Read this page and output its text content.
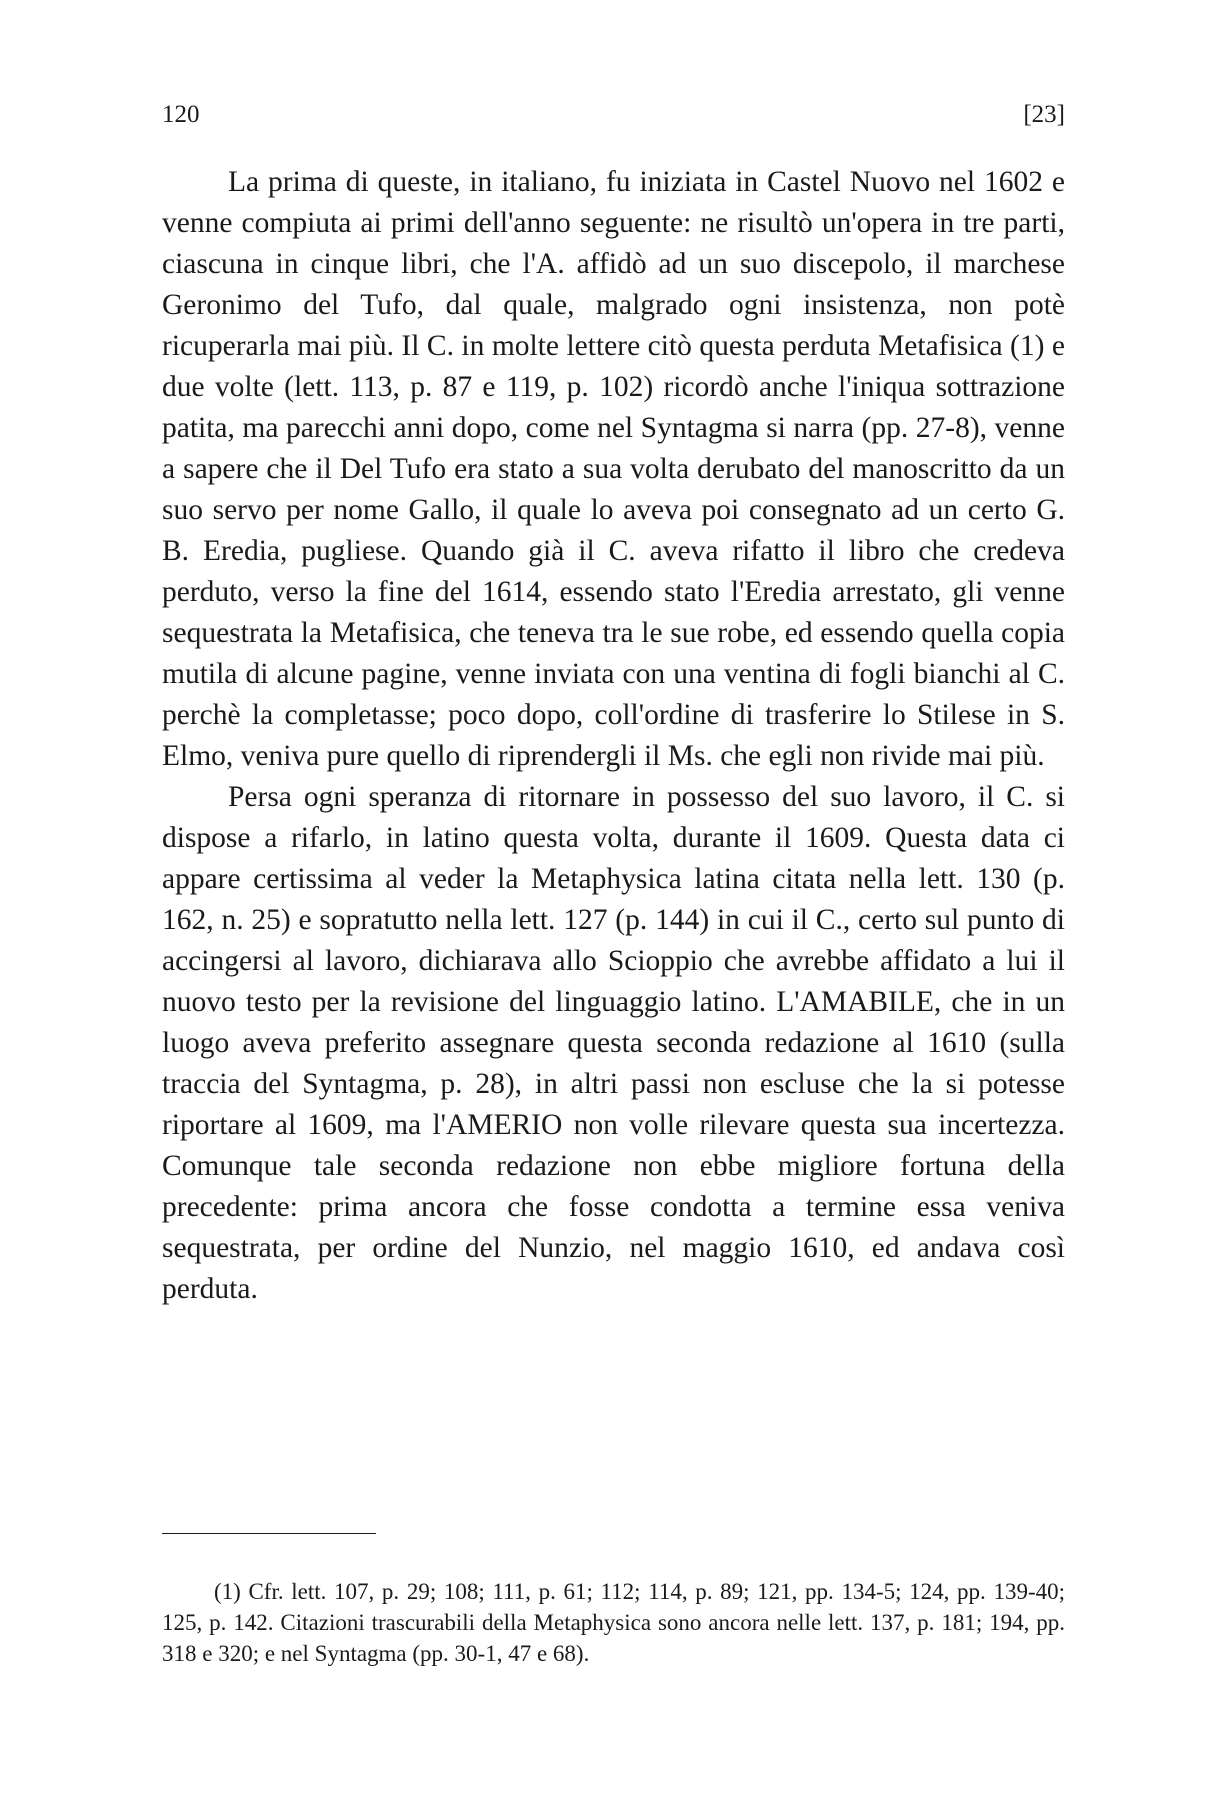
120	[23]

La prima di queste, in italiano, fu iniziata in Castel Nuovo nel 1602 e venne compiuta ai primi dell'anno seguente: ne risultò un'opera in tre parti, ciascuna in cinque libri, che l'A. affidò ad un suo discepolo, il marchese Geronimo del Tufo, dal quale, malgrado ogni insistenza, non potè ricuperarla mai più. Il C. in molte lettere citò questa perduta Metafisica (1) e due volte (lett. 113, p. 87 e 119, p. 102) ricordò anche l'iniqua sottrazione patita, ma parecchi anni dopo, come nel Syntagma si narra (pp. 27-8), venne a sapere che il Del Tufo era stato a sua volta derubato del manoscritto da un suo servo per nome Gallo, il quale lo aveva poi consegnato ad un certo G. B. Eredia, pugliese. Quando già il C. aveva rifatto il libro che credeva perduto, verso la fine del 1614, essendo stato l'Eredia arrestato, gli venne sequestrata la Metafisica, che teneva tra le sue robe, ed essendo quella copia mutila di alcune pagine, venne inviata con una ventina di fogli bianchi al C. perchè la completasse; poco dopo, coll'ordine di trasferire lo Stilese in S. Elmo, veniva pure quello di riprendergli il Ms. che egli non rivide mai più.

Persa ogni speranza di ritornare in possesso del suo lavoro, il C. si dispose a rifarlo, in latino questa volta, durante il 1609. Questa data ci appare certissima al veder la Metaphysica latina citata nella lett. 130 (p. 162, n. 25) e sopratutto nella lett. 127 (p. 144) in cui il C., certo sul punto di accingersi al lavoro, dichiarava allo Scioppio che avrebbe affidato a lui il nuovo testo per la revisione del linguaggio latino. L'AMABILE, che in un luogo aveva preferito assegnare questa seconda redazione al 1610 (sulla traccia del Syntagma, p. 28), in altri passi non escluse che la si potesse riportare al 1609, ma l'AMERIO non volle rilevare questa sua incertezza. Comunque tale seconda redazione non ebbe migliore fortuna della precedente: prima ancora che fosse condotta a termine essa veniva sequestrata, per ordine del Nunzio, nel maggio 1610, ed andava così perduta.

(1) Cfr. lett. 107, p. 29; 108; 111, p. 61; 112; 114, p. 89; 121, pp. 134-5; 124, pp. 139-40; 125, p. 142. Citazioni trascurabili della Metaphysica sono ancora nelle lett. 137, p. 181; 194, pp. 318 e 320; e nel Syntagma (pp. 30-1, 47 e 68).
